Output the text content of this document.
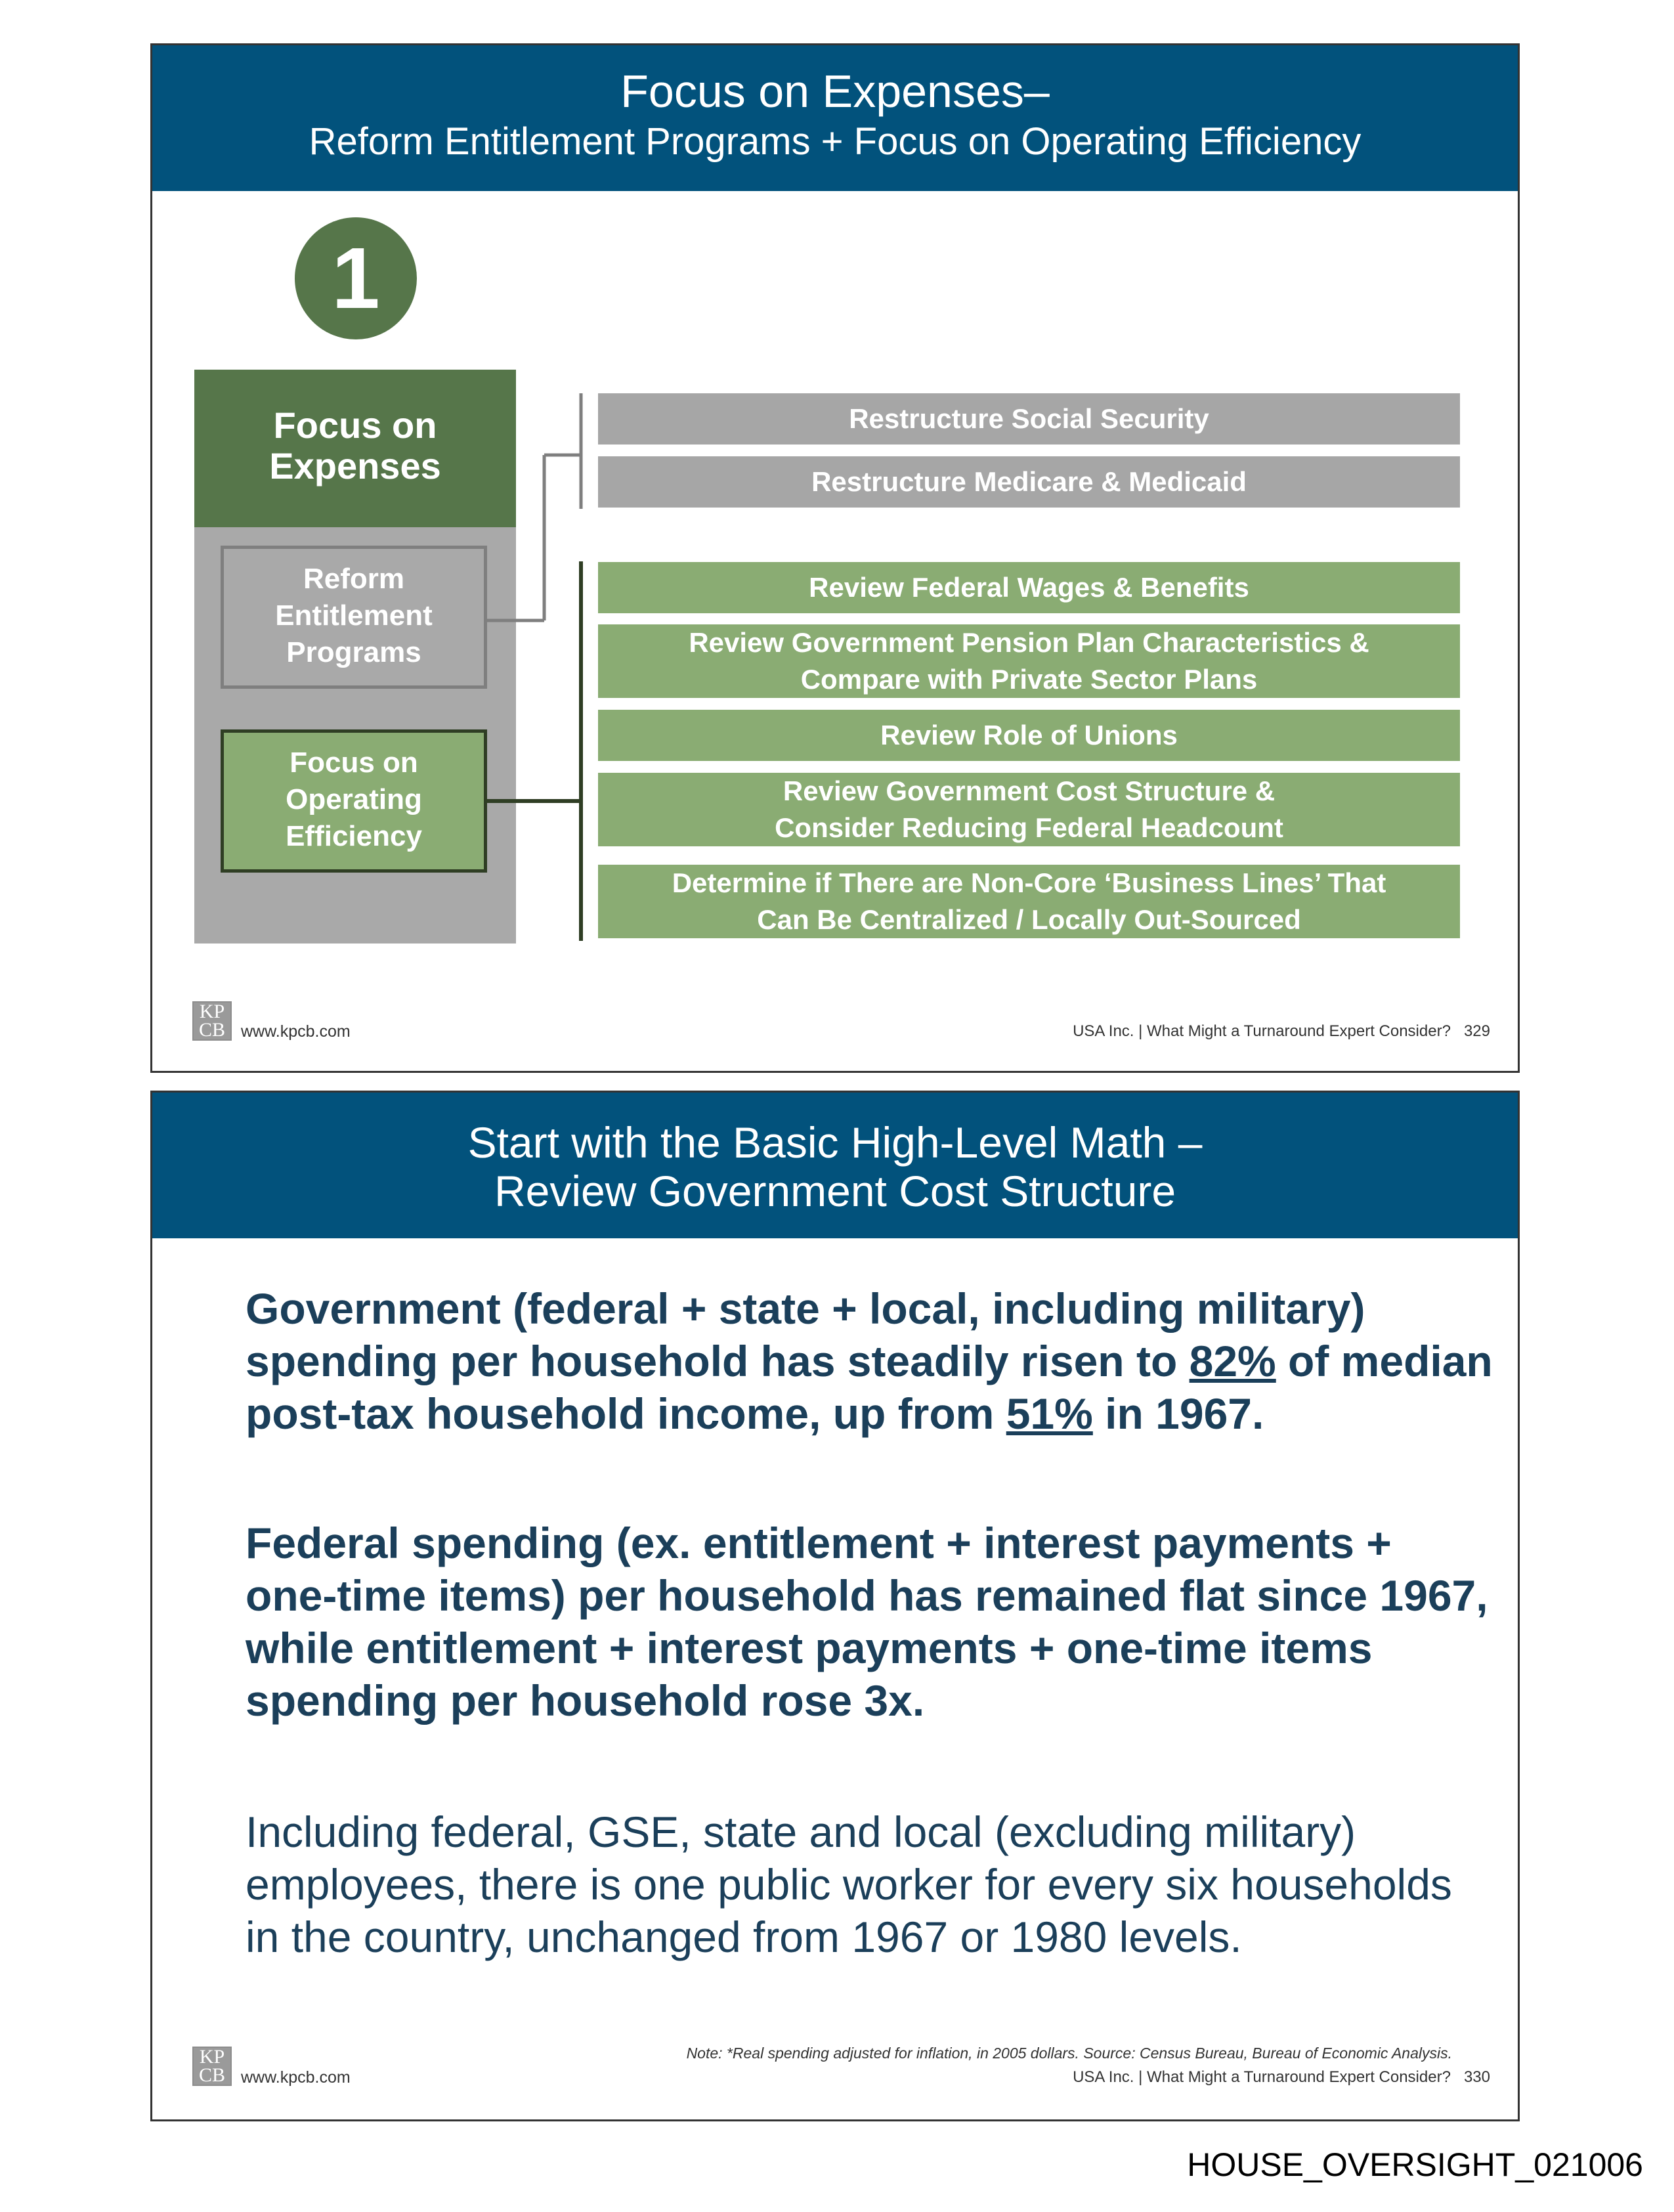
Focus on Expenses–
Reform Entitlement Programs + Focus on Operating Efficiency
1
Focus on Expenses
Reform Entitlement Programs
Focus on Operating Efficiency
Restructure Social Security
Restructure Medicare & Medicaid
Review Federal Wages & Benefits
Review Government Pension Plan Characteristics & Compare with Private Sector Plans
Review Role of Unions
Review Government Cost Structure & Consider Reducing Federal Headcount
Determine if There are Non-Core ‘Business Lines’ That Can Be Centralized / Locally Out-Sourced
KP
CB www.kpcb.com	USA Inc. | What Might a Turnaround Expert Consider? 329
Start with the Basic High-Level Math –
Review Government Cost Structure
Government (federal + state + local, including military) spending per household has steadily risen to 82% of median post-tax household income, up from 51% in 1967.
Federal spending (ex. entitlement + interest payments + one-time items) per household has remained flat since 1967, while entitlement + interest payments + one-time items spending per household rose 3x.
Including federal, GSE, state and local (excluding military) employees, there is one public worker for every six households in the country, unchanged from 1967 or 1980 levels.
Note: *Real spending adjusted for inflation, in 2005 dollars. Source: Census Bureau, Bureau of Economic Analysis.
KP
CB www.kpcb.com	USA Inc. | What Might a Turnaround Expert Consider? 330
HOUSE_OVERSIGHT_021006
